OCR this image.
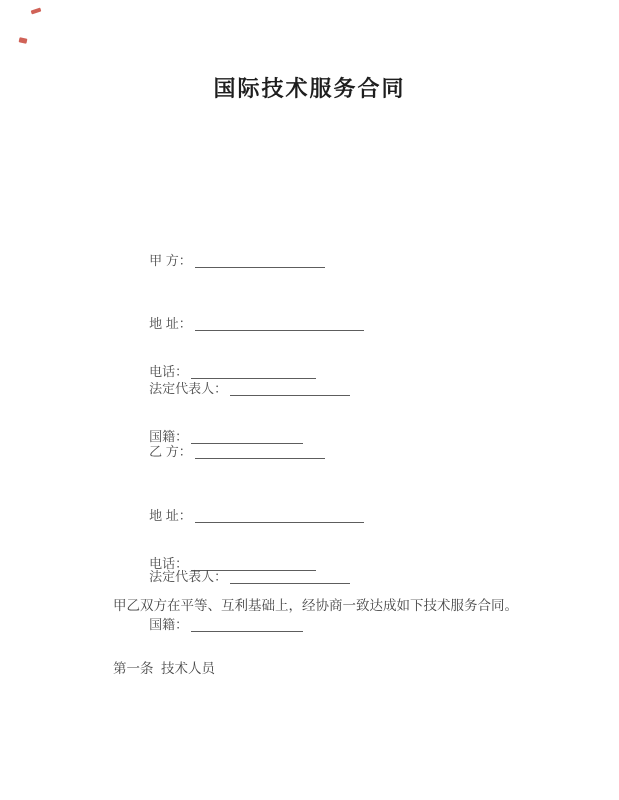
国际技术服务合同

甲 方：

地 址：

电话：

法定代表人：

国籍：

乙 方：

地 址：

电话：

法定代表人：

国籍：

甲乙双方在平等、互利基础上，经协商一致达成如下技术服务合同。

第一条  技术人员
